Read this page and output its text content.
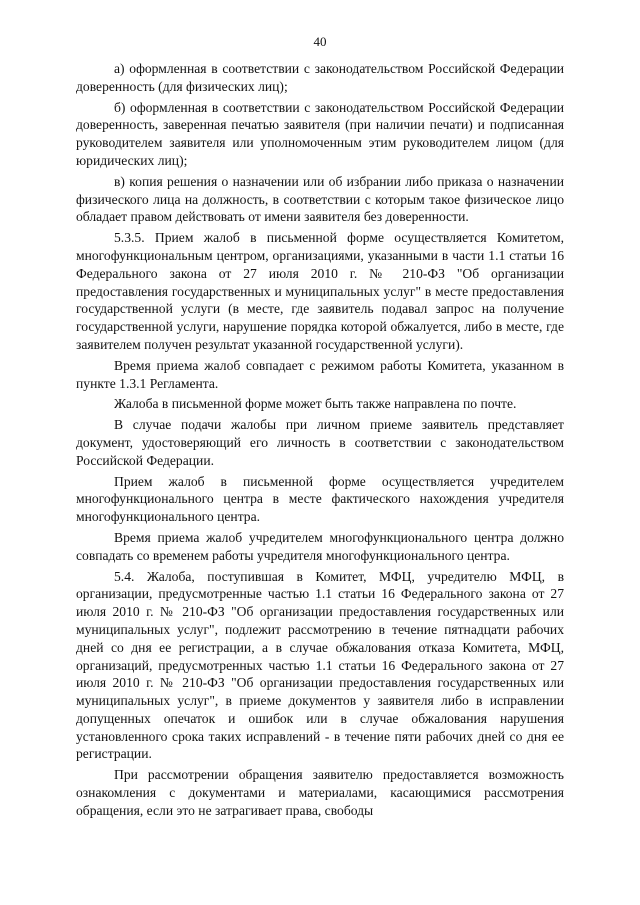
40

а) оформленная в соответствии с законодательством Российской Федерации доверенность (для физических лиц);

б) оформленная в соответствии с законодательством Российской Федерации доверенность, заверенная печатью заявителя (при наличии печати) и подписанная руководителем заявителя или уполномоченным этим руководителем лицом (для юридических лиц);

в) копия решения о назначении или об избрании либо приказа о назначении физического лица на должность, в соответствии с которым такое физическое лицо обладает правом действовать от имени заявителя без доверенности.

5.3.5. Прием жалоб в письменной форме осуществляется Комитетом, многофункциональным центром, организациями, указанными в части 1.1 статьи 16 Федерального закона от 27 июля 2010 г. № 210-ФЗ "Об организации предоставления государственных и муниципальных услуг" в месте предоставления государственной услуги (в месте, где заявитель подавал запрос на получение государственной услуги, нарушение порядка которой обжалуется, либо в месте, где заявителем получен результат указанной государственной услуги).

Время приема жалоб совпадает с режимом работы Комитета, указанном в пункте 1.3.1 Регламента.

Жалоба в письменной форме может быть также направлена по почте.

В случае подачи жалобы при личном приеме заявитель представляет документ, удостоверяющий его личность в соответствии с законодательством Российской Федерации.

Прием жалоб в письменной форме осуществляется учредителем многофункционального центра в месте фактического нахождения учредителя многофункционального центра.

Время приема жалоб учредителем многофункционального центра должно совпадать со временем работы учредителя многофункционального центра.

5.4. Жалоба, поступившая в Комитет, МФЦ, учредителю МФЦ, в организации, предусмотренные частью 1.1 статьи 16 Федерального закона от 27 июля 2010 г. № 210-ФЗ "Об организации предоставления государственных или муниципальных услуг", подлежит рассмотрению в течение пятнадцати рабочих дней со дня ее регистрации, а в случае обжалования отказа Комитета, МФЦ, организаций, предусмотренных частью 1.1 статьи 16 Федерального закона от 27 июля 2010 г. № 210-ФЗ "Об организации предоставления государственных или муниципальных услуг", в приеме документов у заявителя либо в исправлении допущенных опечаток и ошибок или в случае обжалования нарушения установленного срока таких исправлений - в течение пяти рабочих дней со дня ее регистрации.

При рассмотрении обращения заявителю предоставляется возможность ознакомления с документами и материалами, касающимися рассмотрения обращения, если это не затрагивает права, свободы
